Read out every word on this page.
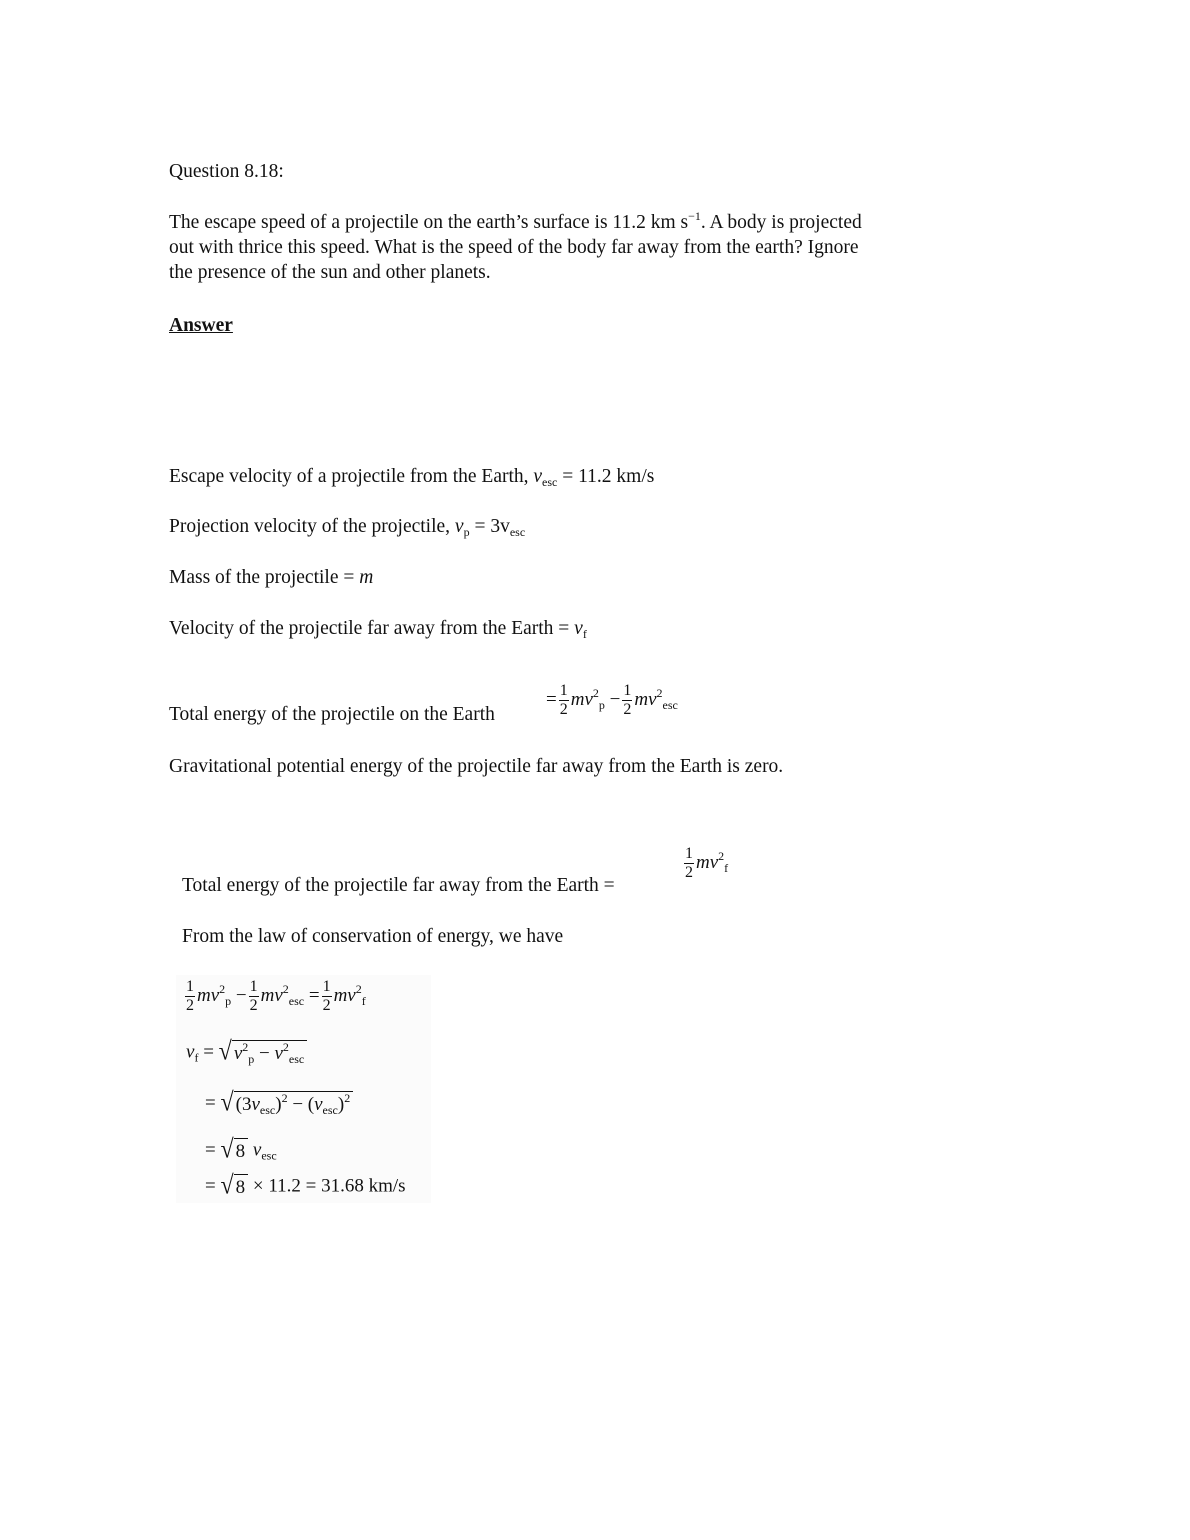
Question 8.18:
The escape speed of a projectile on the earth’s surface is 11.2 km $s^{-1}$. A body is projected
out with thrice this speed. What is the speed of the body far away from the earth? Ignore
the presence of the sun and other planets.
Answer
Escape velocity of a projectile from the Earth, $v_{esc} = 11.2$ km/s
Projection velocity of the projectile, $v_p = 3v_{esc}$
Mass of the projectile = m
Velocity of the projectile far away from the Earth = $v_f$
Total energy of the projectile on the Earth
= $\frac{1}{2} mv^2_p - \frac{1}{2} mv^2_{esc}$
Gravitational potential energy of the projectile far away from the Earth is zero.
Total energy of the projectile far away from the Earth =
$\frac{1}{2} mv^2_f$
From the law of conservation of energy, we have
$\frac{1}{2} mv^2_p - \frac{1}{2} mv^2_{esc} = \frac{1}{2} mv^2_f$
$v_f$ = √ $v^2_p - v^2_{esc}$
= √ $(3v_{esc})^2 - (v_{esc})^2$
= √ 8 $v_{esc}$
= √ 8 × 11.2 = 31.68 km/s
